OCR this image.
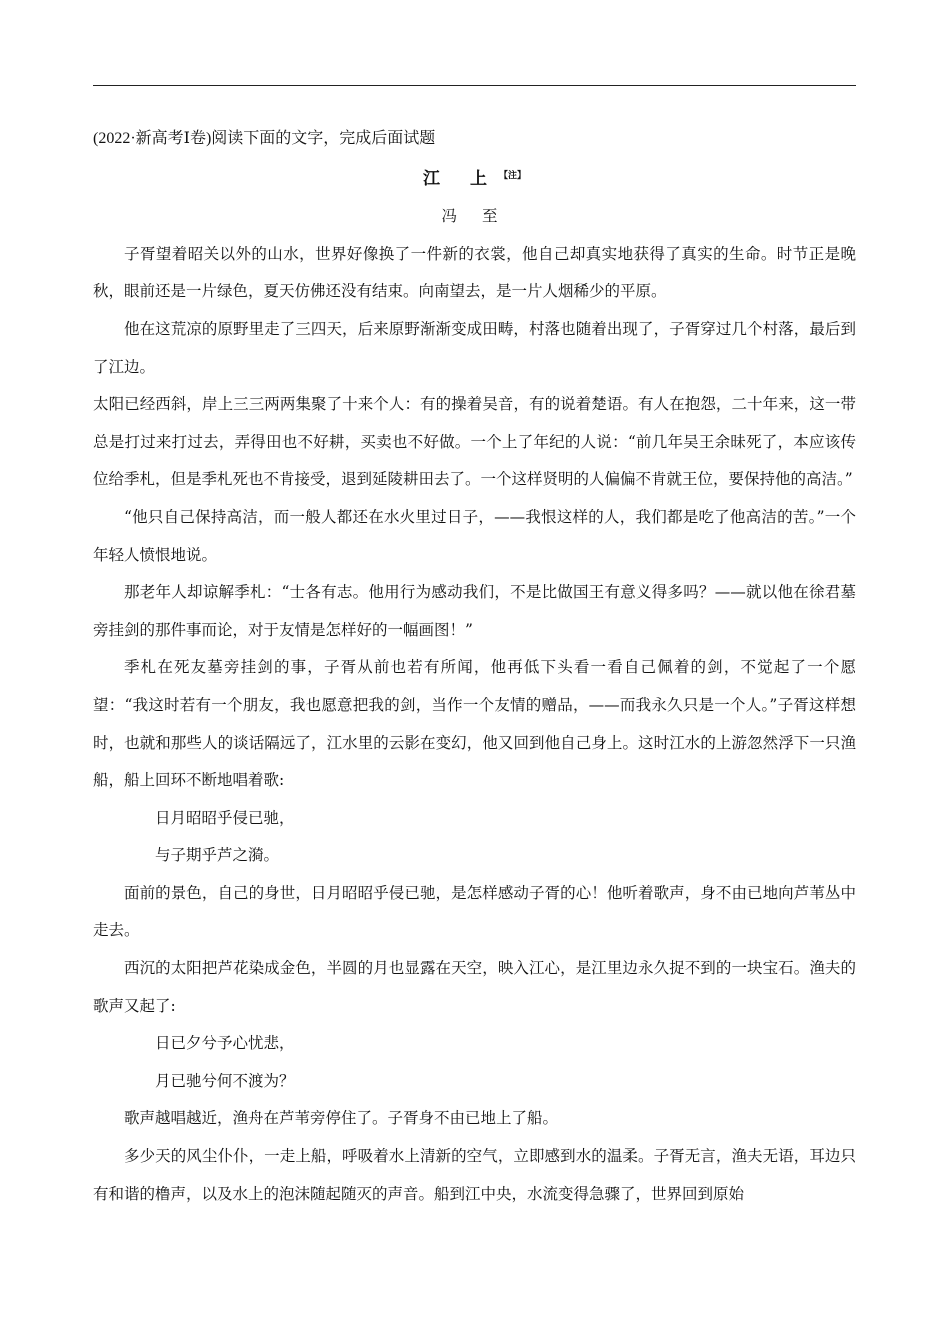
(2022·新高考Ⅰ卷)阅读下面的文字，完成后面试题

江 上$^{【注】}$

冯 至

子胥望着昭关以外的山水，世界好像换了一件新的衣裳，他自己却真实地获得了真实的生命。时节正是晚秋，眼前还是一片绿色，夏天仿佛还没有结束。向南望去，是一片人烟稀少的平原。

他在这荒凉的原野里走了三四天，后来原野渐渐变成田畴，村落也随着出现了，子胥穿过几个村落，最后到了江边。

太阳已经西斜，岸上三三两两集聚了十来个人：有的操着吴音，有的说着楚语。有人在抱怨，二十年来，这一带总是打过来打过去，弄得田也不好耕，买卖也不好做。一个上了年纪的人说：“前几年吴王余昧死了，本应该传位给季札，但是季札死也不肯接受，退到延陵耕田去了。一个这样贤明的人偏偏不肯就王位，要保持他的高洁。”

“他只自己保持高洁，而一般人都还在水火里过日子，——我恨这样的人，我们都是吃了他高洁的苦。”一个年轻人愤恨地说。

那老年人却谅解季札：“士各有志。他用行为感动我们，不是比做国王有意义得多吗？——就以他在徐君墓旁挂剑的那件事而论，对于友情是怎样好的一幅画图！”

季札在死友墓旁挂剑的事，子胥从前也若有所闻，他再低下头看一看自己佩着的剑，不觉起了一个愿望：“我这时若有一个朋友，我也愿意把我的剑，当作一个友情的赠品，——而我永久只是一个人。”子胥这样想时，也就和那些人的谈话隔远了，江水里的云影在变幻，他又回到他自己身上。这时江水的上游忽然浮下一只渔船，船上回环不断地唱着歌:

日月昭昭乎侵已驰，

与子期乎芦之漪。

面前的景色，自己的身世，日月昭昭乎侵已驰，是怎样感动子胥的心！他听着歌声，身不由已地向芦苇丛中走去。

西沉的太阳把芦花染成金色，半圆的月也显露在天空，映入江心，是江里边永久捉不到的一块宝石。渔夫的歌声又起了:

日已夕兮予心忧悲，

月已驰兮何不渡为？

歌声越唱越近，渔舟在芦苇旁停住了。子胥身不由已地上了船。

多少天的风尘仆仆，一走上船，呼吸着水上清新的空气，立即感到水的温柔。子胥无言，渔夫无语，耳边只有和谐的橹声，以及水上的泡沫随起随灭的声音。船到江中央，水流变得急骤了，世界回到原始
